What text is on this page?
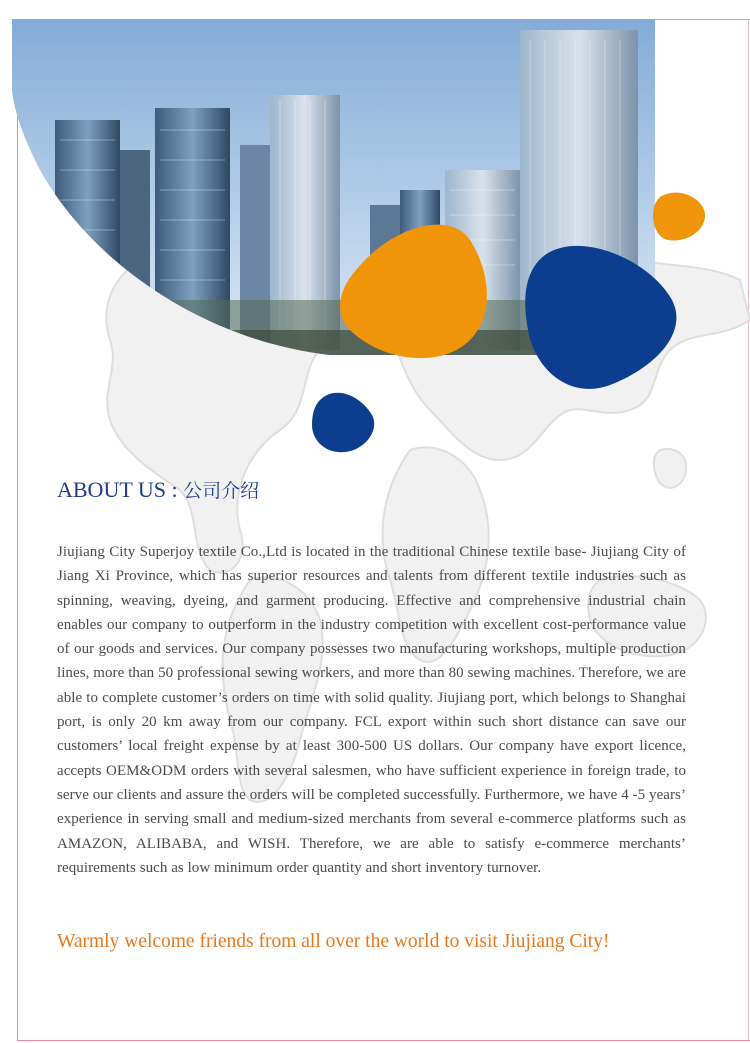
ABOUT US : 公司介绍

Jiujiang City Superjoy textile Co.,Ltd is located in the traditional Chinese textile base- Jiujiang City of Jiang Xi Province, which has superior resources and talents from different textile industries such as spinning, weaving, dyeing, and garment producing. Effective and comprehensive industrial chain enables our company to outperform in the industry competition with excellent cost-performance value of our goods and services. Our company possesses two manufacturing workshops, multiple production lines, more than 50 professional sewing workers, and more than 80 sewing machines. Therefore, we are able to complete customer’s orders on time with solid quality. Jiujiang port, which belongs to Shanghai port, is only 20 km away from our company. FCL export within such short distance can save our customers’ local freight expense by at least 300-500 US dollars. Our company have export licence, accepts OEM&ODM orders with several salesmen, who have sufficient experience in foreign trade, to serve our clients and assure the orders will be completed successfully. Furthermore, we have 4 -5 years’ experience in serving small and medium-sized merchants from several e-commerce platforms such as AMAZON, ALIBABA, and WISH. Therefore, we are able to satisfy e-commerce merchants’ requirements such as low minimum order quantity and short inventory turnover.

Warmly welcome friends from all over the world to visit Jiujiang City!
